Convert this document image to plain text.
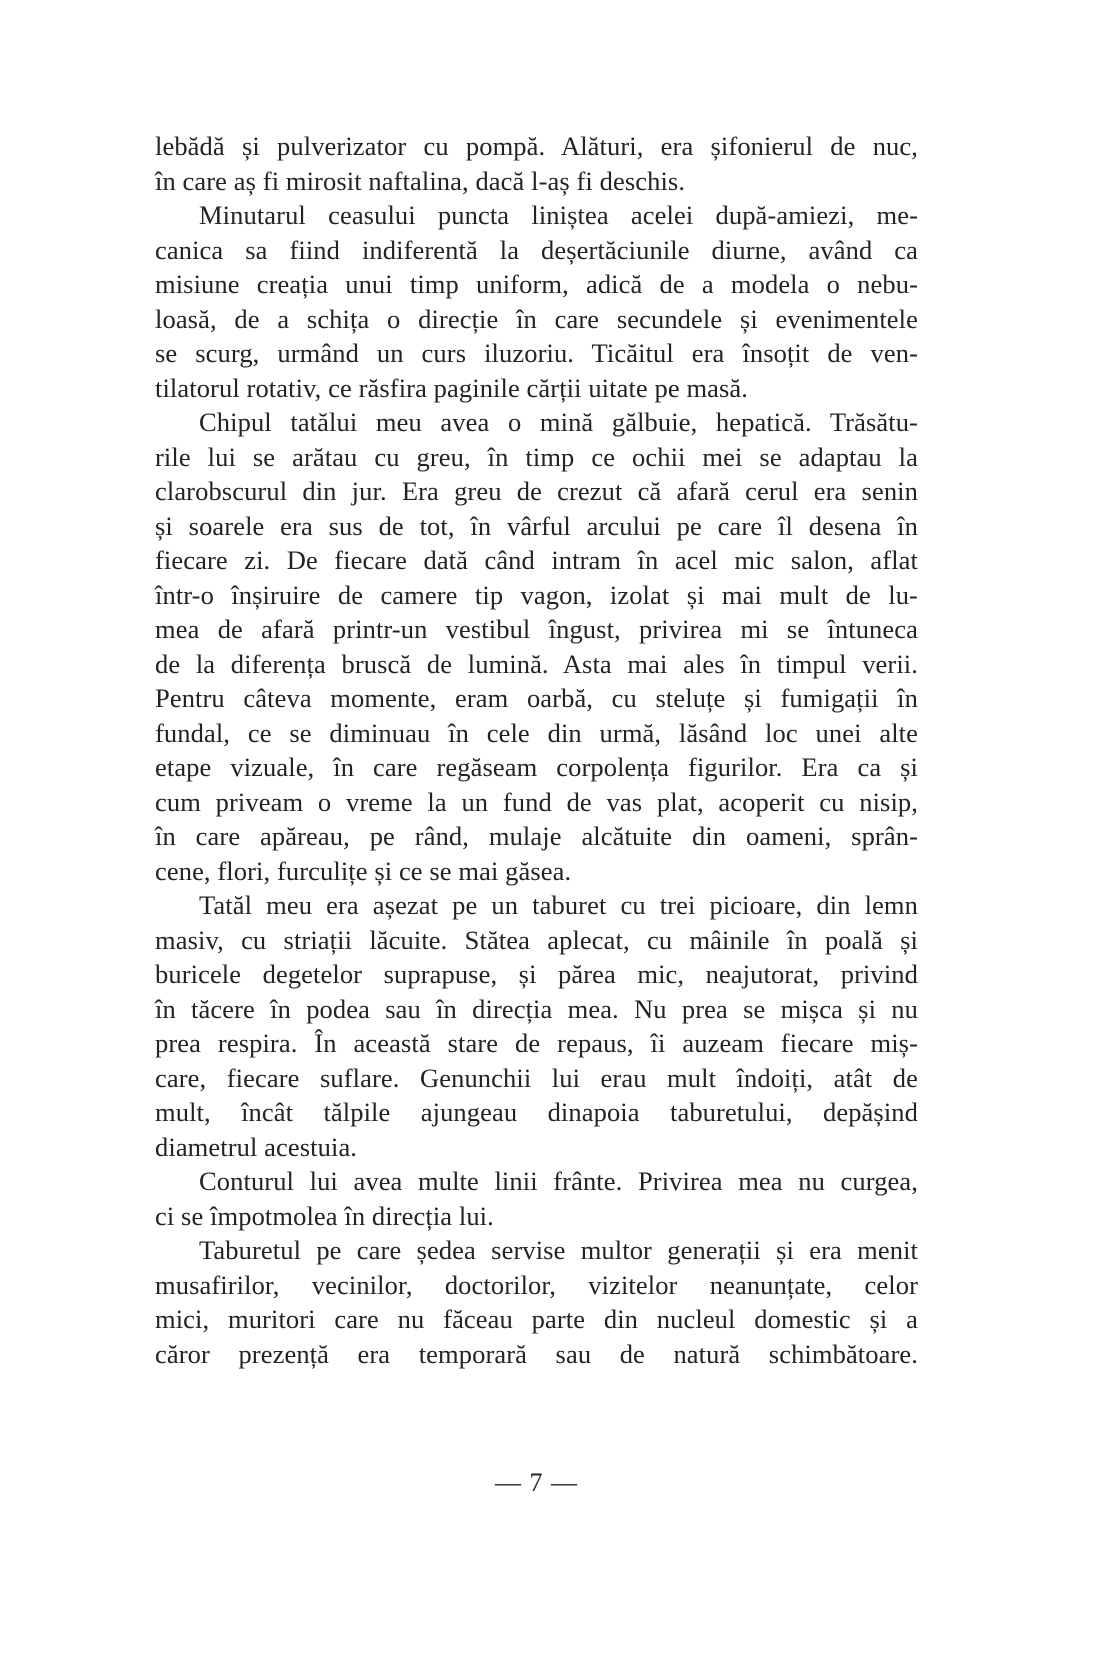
lebădă și pulverizator cu pompă. Alături, era șifonierul de nuc,
în care aș fi mirosit naftalina, dacă l-aș fi deschis.
Minutarul ceasului puncta liniștea acelei după-amiezi, me-
canica sa fiind indiferentă la deșertăciunile diurne, având ca
misiune creația unui timp uniform, adică de a modela o nebu-
loasă, de a schița o direcție în care secundele și evenimentele
se scurg, urmând un curs iluzoriu. Ticăitul era însoțit de ven-
tilatorul rotativ, ce răsfira paginile cărții uitate pe masă.
Chipul tatălui meu avea o mină gălbuie, hepatică. Trăsătu-
rile lui se arătau cu greu, în timp ce ochii mei se adaptau la
clarobscurul din jur. Era greu de crezut că afară cerul era senin
și soarele era sus de tot, în vârful arcului pe care îl desena în
fiecare zi. De fiecare dată când intram în acel mic salon, aflat
într-o înșiruire de camere tip vagon, izolat și mai mult de lu-
mea de afară printr-un vestibul îngust, privirea mi se întuneca
de la diferența bruscă de lumină. Asta mai ales în timpul verii.
Pentru câteva momente, eram oarbă, cu steluțe și fumigații în
fundal, ce se diminuau în cele din urmă, lăsând loc unei alte
etape vizuale, în care regăseam corpolența figurilor. Era ca și
cum priveam o vreme la un fund de vas plat, acoperit cu nisip,
în care apăreau, pe rând, mulaje alcătuite din oameni, sprân-
cene, flori, furculițe și ce se mai găsea.
Tatăl meu era așezat pe un taburet cu trei picioare, din lemn
masiv, cu striații lăcuite. Stătea aplecat, cu mâinile în poală și
buricele degetelor suprapuse, și părea mic, neajutorat, privind
în tăcere în podea sau în direcția mea. Nu prea se mișca și nu
prea respira. În această stare de repaus, îi auzeam fiecare miș-
care, fiecare suflare. Genunchii lui erau mult îndoiți, atât de
mult, încât tălpile ajungeau dinapoia taburetului, depășind
diametrul acestuia.
Conturul lui avea multe linii frânte. Privirea mea nu curgea,
ci se împotmolea în direcția lui.
Taburetul pe care ședea servise multor generații și era menit
musafirilor, vecinilor, doctorilor, vizitelor neanunțate, celor
mici, muritori care nu făceau parte din nucleul domestic și a
căror prezență era temporară sau de natură schimbătoare.
— 7 —
